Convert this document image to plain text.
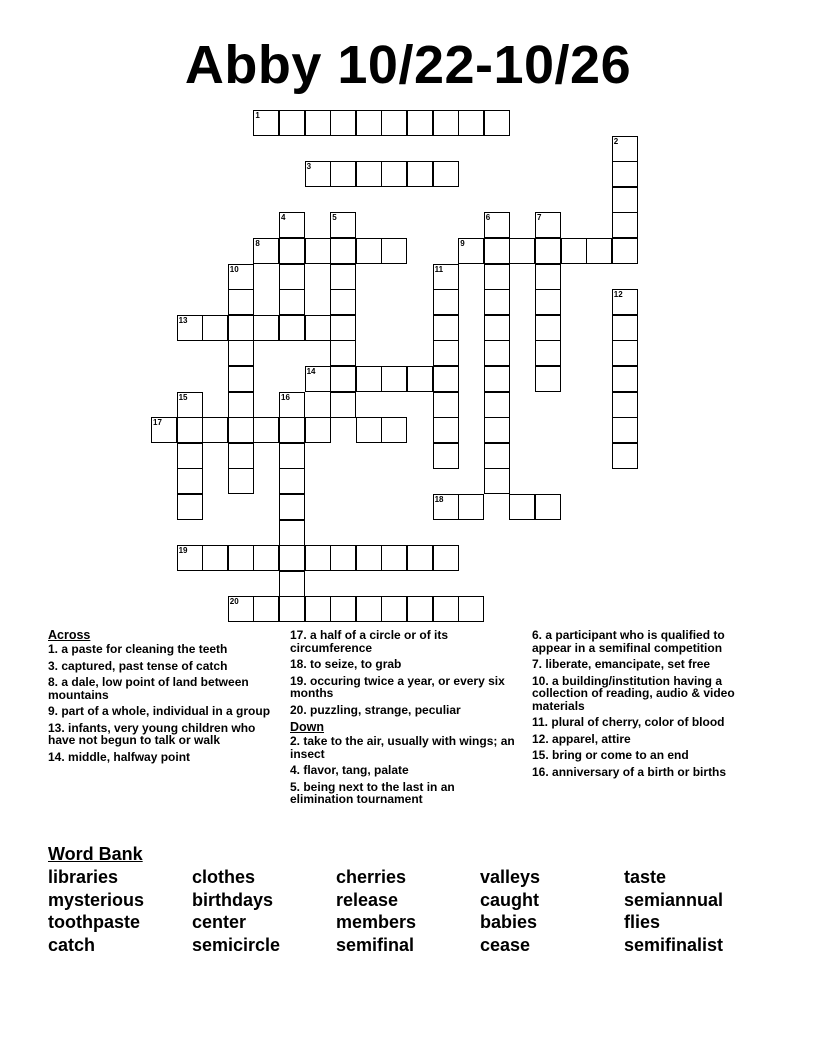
Abby 10/22-10/26
1
2
3
4	5	6	7
8	9
10	11
12
13
14
15	16
17
18
19
20

Across

1. a paste for cleaning the teeth

3. captured, past tense of catch

8. a dale, low point of land between mountains

9. part of a whole, individual in a group

13. infants, very young children who have not begun to talk or walk

14. middle, halfway point

17. a half of a circle or of its circumference

18. to seize, to grab

19. occuring twice a year, or every six months

20. puzzling, strange, peculiar

Down

2. take to the air, usually with wings; an insect

4. flavor, tang, palate

5. being next to the last in an elimination tournament

6. a participant who is qualified to appear in a semifinal competition

7. liberate, emancipate, set free

10. a building/institution having a collection of reading, audio & video materials

11. plural of cherry, color of blood

12. apparel, attire

15. bring or come to an end

16. anniversary of a birth or births

Word Bank
libraries	clothes	cherries	valleys	taste
mysterious	birthdays	release	caught	semiannual
toothpaste	center	members	babies	flies
catch	semicircle	semifinal	cease	semifinalist
